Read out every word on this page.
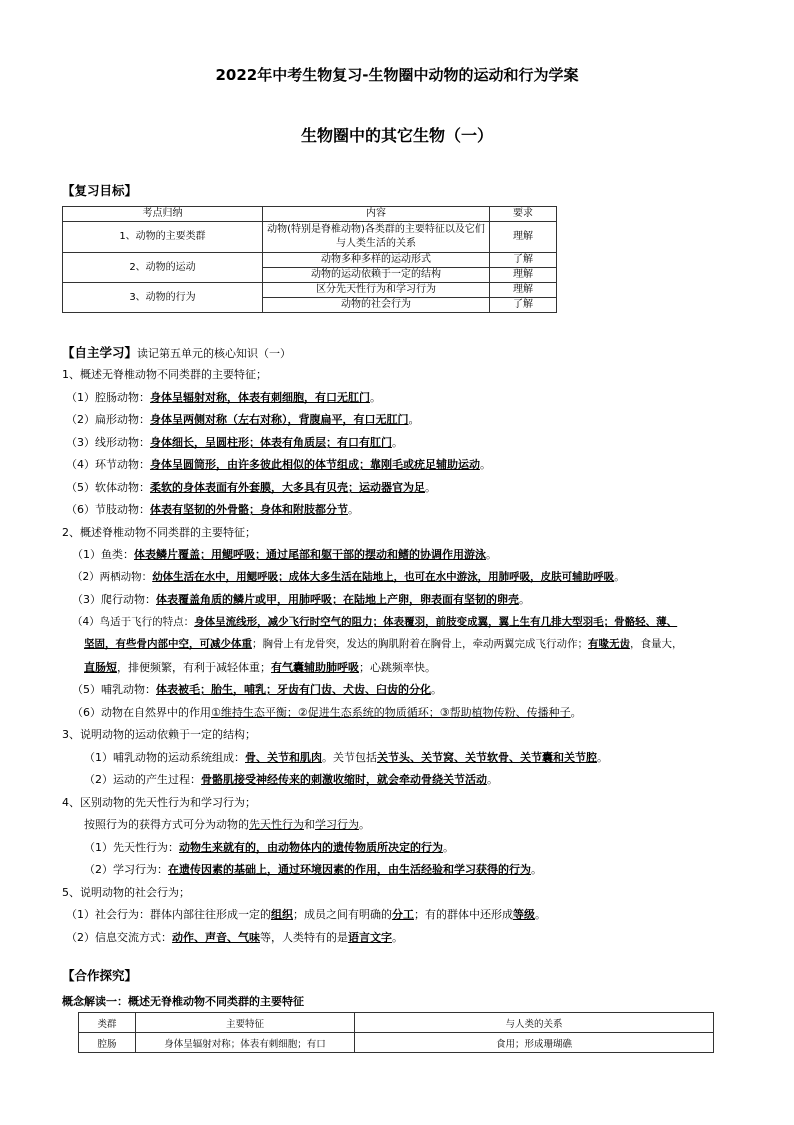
2022年中考生物复习-生物圈中动物的运动和行为学案
生物圈中的其它生物（一）
【复习目标】
考点归纳	内容	要求
1、动物的主要类群	动物(特别是脊椎动物)各类群的主要特征以及它们与人类生活的关系	理解
2、动物的运动	动物多种多样的运动形式	了解
	动物的运动依赖于一定的结构	理解
3、动物的行为	区分先天性行为和学习行为	理解
	动物的社会行为	了解
【自主学习】读记第五单元的核心知识（一）
1、概述无脊椎动物不同类群的主要特征；
（1）腔肠动物：身体呈辐射对称，体表有刺细胞，有口无肛门。
（2）扁形动物：身体呈两侧对称（左右对称），背腹扁平，有口无肛门。
（3）线形动物：身体细长，呈圆柱形；体表有角质层；有口有肛门。
（4）环节动物：身体呈圆筒形，由许多彼此相似的体节组成；靠刚毛或疣足辅助运动。
（5）软体动物：柔软的身体表面有外套膜，大多具有贝壳；运动器官为足。
（6）节肢动物：体表有坚韧的外骨骼；身体和附肢都分节。
2、概述脊椎动物不同类群的主要特征；
（1）鱼类：体表鳞片覆盖；用鳃呼吸；通过尾部和躯干部的摆动和鳍的协调作用游泳。
（2）两栖动物：幼体生活在水中，用鳃呼吸；成体大多生活在陆地上，也可在水中游泳，用肺呼吸，皮肤可辅助呼吸。
（3）爬行动物：体表覆盖角质的鳞片或甲，用肺呼吸；在陆地上产卵，卵表面有坚韧的卵壳。
（4）鸟适于飞行的特点：身体呈流线形，减少飞行时空气的阻力；体表覆羽，前肢变成翼，翼上生有几排大型羽毛；骨骼轻、薄、
坚固，有些骨内部中空，可减少体重；胸骨上有龙骨突，发达的胸肌附着在胸骨上，牵动两翼完成飞行动作；有喙无齿，食量大，
直肠短，排便频繁，有利于减轻体重；有气囊辅助肺呼吸；心跳频率快。
（5）哺乳动物：体表被毛；胎生，哺乳；牙齿有门齿、犬齿、臼齿的分化。
（6）动物在自然界中的作用①维持生态平衡；②促进生态系统的物质循环；③帮助植物传粉、传播种子。
3、说明动物的运动依赖于一定的结构；
（1）哺乳动物的运动系统组成：骨、关节和肌肉。关节包括关节头、关节窝、关节软骨、关节囊和关节腔。
（2）运动的产生过程：骨骼肌接受神经传来的刺激收缩时，就会牵动骨绕关节活动。
4、区别动物的先天性行为和学习行为；
按照行为的获得方式可分为动物的先天性行为和学习行为。
（1）先天性行为：动物生来就有的，由动物体内的遗传物质所决定的行为。
（2）学习行为：在遗传因素的基础上，通过环境因素的作用，由生活经验和学习获得的行为。
5、说明动物的社会行为；
（1）社会行为：群体内部往往形成一定的组织；成员之间有明确的分工；有的群体中还形成等级。
（2）信息交流方式：动作、声音、气味等，人类特有的是语言文字。
【合作探究】
概念解读一：概述无脊椎动物不同类群的主要特征
类群	主要特征	与人类的关系
腔肠	身体呈辐射对称；体表有刺细胞；有口	食用；形成珊瑚礁
